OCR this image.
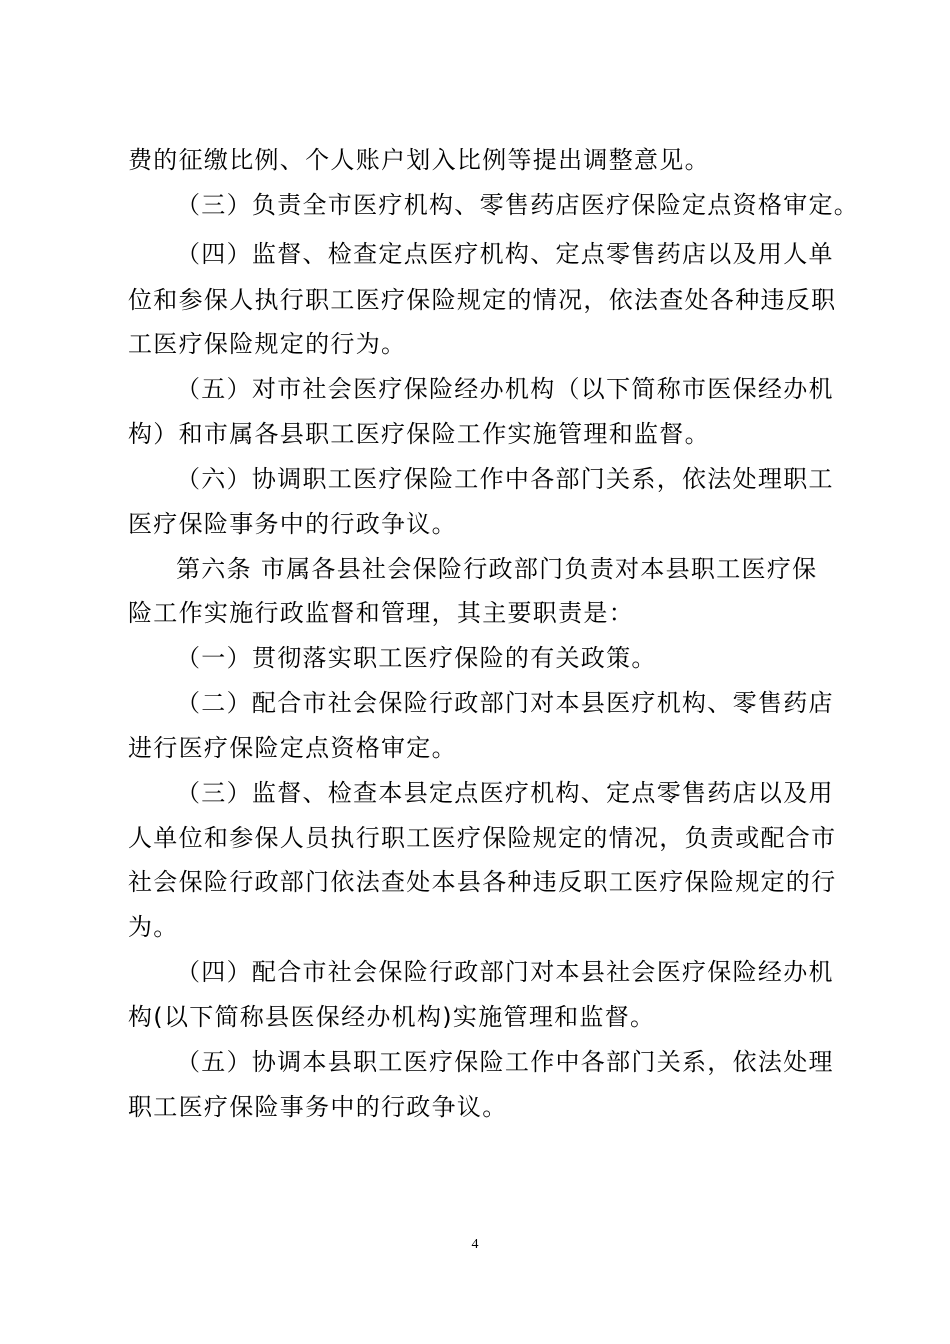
费的征缴比例、个人账户划入比例等提出调整意见。
（三）负责全市医疗机构、零售药店医疗保险定点资格审定。
（四）监督、检查定点医疗机构、定点零售药店以及用人单
位和参保人执行职工医疗保险规定的情况，依法查处各种违反职
工医疗保险规定的行为。
（五）对市社会医疗保险经办机构（以下简称市医保经办机
构）和市属各县职工医疗保险工作实施管理和监督。
（六）协调职工医疗保险工作中各部门关系，依法处理职工
医疗保险事务中的行政争议。
第六条 市属各县社会保险行政部门负责对本县职工医疗保
险工作实施行政监督和管理，其主要职责是：
（一）贯彻落实职工医疗保险的有关政策。
（二）配合市社会保险行政部门对本县医疗机构、零售药店
进行医疗保险定点资格审定。
（三）监督、检查本县定点医疗机构、定点零售药店以及用
人单位和参保人员执行职工医疗保险规定的情况，负责或配合市
社会保险行政部门依法查处本县各种违反职工医疗保险规定的行
为。
（四）配合市社会保险行政部门对本县社会医疗保险经办机
构(以下简称县医保经办机构)实施管理和监督。
（五）协调本县职工医疗保险工作中各部门关系，依法处理
职工医疗保险事务中的行政争议。
4
